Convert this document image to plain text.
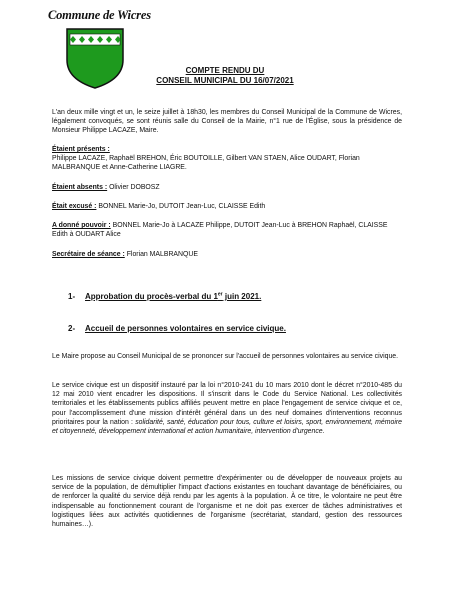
Commune de Wicres
COMPTE RENDU DU
CONSEIL MUNICIPAL DU 16/07/2021
L'an deux mille vingt et un, le seize juillet à 18h30, les membres du Conseil Municipal de la Commune de Wicres, légalement convoqués, se sont réunis salle du Conseil de la Mairie, n°1 rue de l'Église, sous la présidence de Monsieur Philippe LACAZE, Maire.
Étaient présents :
Philippe LACAZE, Raphaël BREHON, Éric BOUTOILLE, Gilbert VAN STAEN, Alice OUDART, Florian MALBRANQUE et Anne-Catherine LIAGRE.
Étaient absents : Olivier DOBOSZ
Était excusé : BONNEL Marie-Jo, DUTOIT Jean-Luc, CLAISSE Edith
A donné pouvoir : BONNEL Marie-Jo à LACAZE Philippe, DUTOIT Jean-Luc à BREHON Raphaël, CLAISSE Edith à OUDART Alice
Secrétaire de séance : Florian MALBRANQUE
1- Approbation du procès-verbal du 1er juin 2021.
2- Accueil de personnes volontaires en service civique.
Le Maire propose au Conseil Municipal de se prononcer sur l'accueil de personnes volontaires au service civique.
Le service civique est un dispositif instauré par la loi n°2010-241 du 10 mars 2010 dont le décret n°2010-485 du 12 mai 2010 vient encadrer les dispositions. Il s'inscrit dans le Code du Service National. Les collectivités territoriales et les établissements publics affiliés peuvent mettre en place l'engagement de service civique et ce, pour l'accomplissement d'une mission d'intérêt général dans un des neuf domaines d'interventions reconnus prioritaires pour la nation : solidarité, santé, éducation pour tous, culture et loisirs, sport, environnement, mémoire et citoyenneté, développement international et action humanitaire, intervention d'urgence.
Les missions de service civique doivent permettre d'expérimenter ou de développer de nouveaux projets au service de la population, de démultiplier l'impact d'actions existantes en touchant davantage de bénéficiaires, ou de renforcer la qualité du service déjà rendu par les agents à la population. À ce titre, le volontaire ne peut être indispensable au fonctionnement courant de l'organisme et ne doit pas exercer de tâches administratives et logistiques liées aux activités quotidiennes de l'organisme (secrétariat, standard, gestion des ressources humaines…).
